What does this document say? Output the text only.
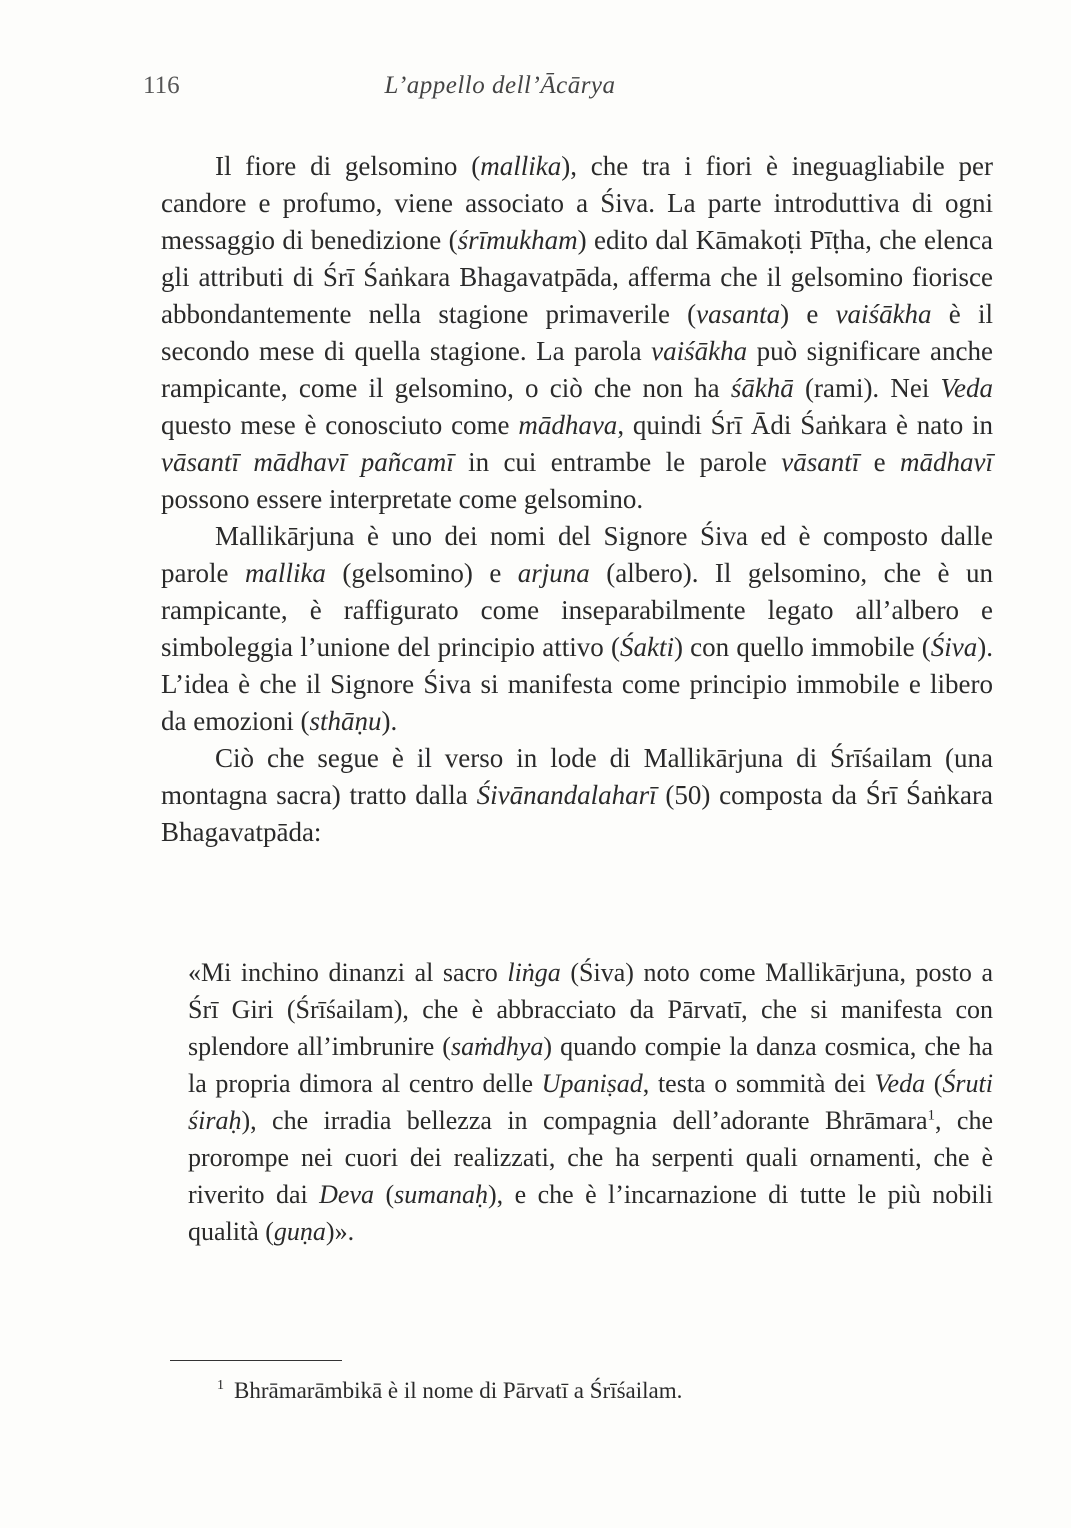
116	L’appello dell’Ācārya

Il fiore di gelsomino (mallika), che tra i fiori è ineguagliabile per candore e profumo, viene associato a Śiva. La parte introduttiva di ogni messaggio di benedizione (śrīmukham) edito dal Kāmakoṭi Pīṭha, che elenca gli attributi di Śrī Śaṅkara Bhagavatpāda, afferma che il gelsomino fiorisce abbondantemente nella stagione primaverile (vasanta) e vaiśākha è il secondo mese di quella stagione. La parola vaiśākha può significare anche rampicante, come il gelsomino, o ciò che non ha śākhā (rami). Nei Veda questo mese è conosciuto come mādhava, quindi Śrī Ādi Śaṅkara è nato in vāsantī mādhavī pañcamī in cui entrambe le parole vāsantī e mādhavī possono essere interpretate come gelsomino.

Mallikārjuna è uno dei nomi del Signore Śiva ed è composto dalle parole mallika (gelsomino) e arjuna (albero). Il gelsomino, che è un rampicante, è raffigurato come inseparabilmente legato all’albero e simboleggia l’unione del principio attivo (Śakti) con quello immobile (Śiva). L’idea è che il Signore Śiva si manifesta come principio immobile e libero da emozioni (sthāṇu).

Ciò che segue è il verso in lode di Mallikārjuna di Śrīśailam (una montagna sacra) tratto dalla Śivānandalaharī (50) composta da Śrī Śaṅkara Bhagavatpāda:

«Mi inchino dinanzi al sacro liṅga (Śiva) noto come Mallikārjuna, posto a Śrī Giri (Śrīśailam), che è abbracciato da Pārvatī, che si manifesta con splendore all’imbrunire (saṁdhya) quando compie la danza cosmica, che ha la propria dimora al centro delle Upaniṣad, testa o sommità dei Veda (Śruti śiraḥ), che irradia bellezza in compagnia dell’adorante Bhrāmara$^1$, che prorompe nei cuori dei realizzati, che ha serpenti quali ornamenti, che è riverito dai Deva (sumanaḥ), e che è l’incarnazione di tutte le più nobili qualità (guṇa)».

$^1$ Bhrāmarāmbikā è il nome di Pārvatī a Śrīśailam.
